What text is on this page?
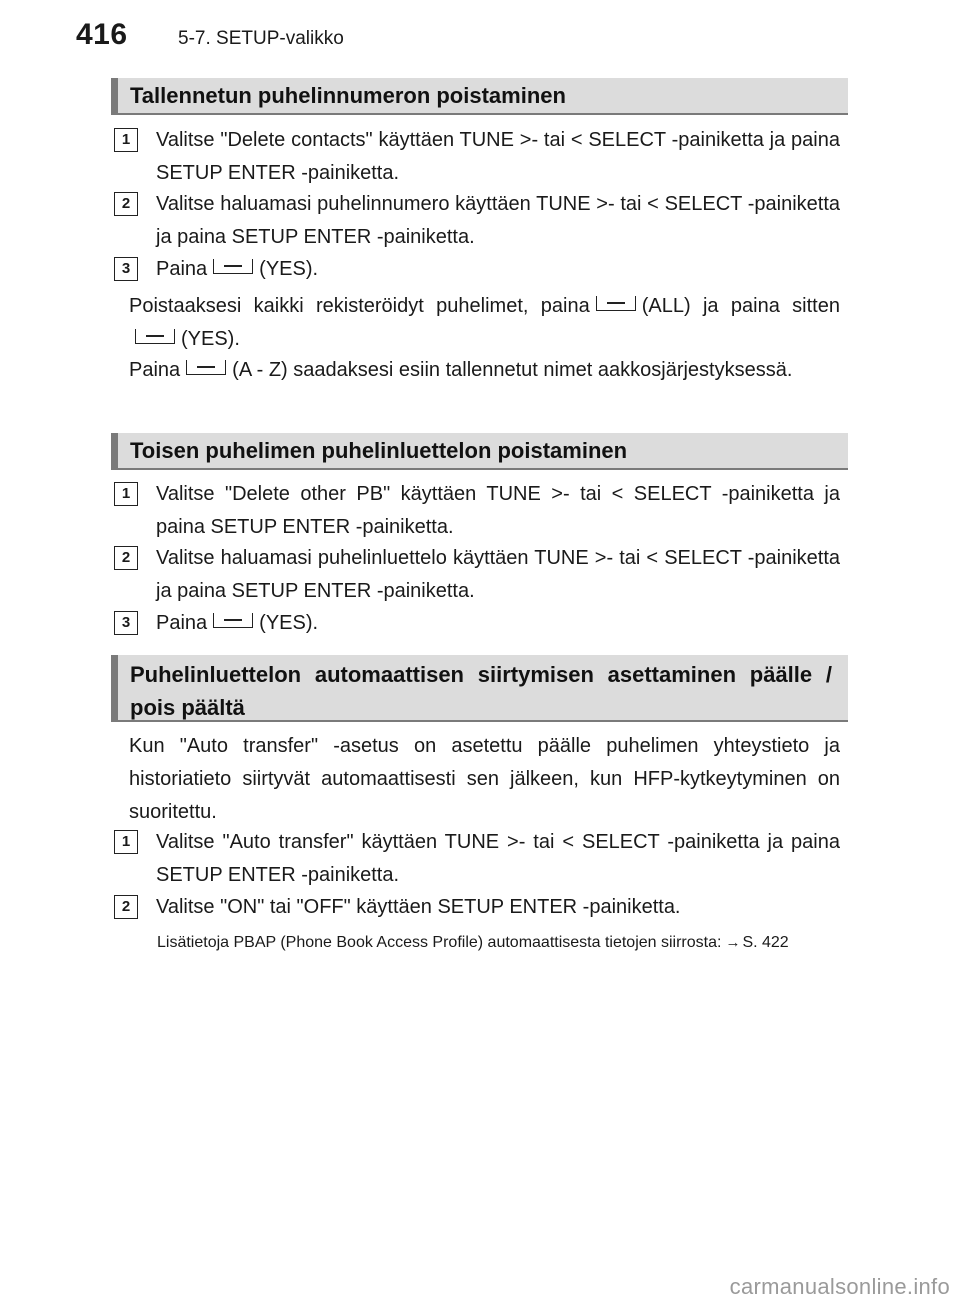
416	5-7. SETUP-valikko
Tallennetun puhelinnumeron poistaminen
1	Valitse "Delete contacts" käyttäen TUNE >- tai < SELECT -painiketta ja paina SETUP ENTER -painiketta.
2	Valitse haluamasi puhelinnumero käyttäen TUNE >- tai < SELECT -painiketta ja paina SETUP ENTER -painiketta.
3	Paina	(YES).
Poistaaksesi kaikki rekisteröidyt puhelimet, paina	(ALL) ja paina sitten(YES).
Paina	(A - Z) saadaksesi esiin tallennetut nimet aakkosjärjestyksessä.
Toisen puhelimen puhelinluettelon poistaminen
1	Valitse "Delete other PB" käyttäen TUNE >- tai < SELECT -painiketta ja paina SETUP ENTER -painiketta.
2	Valitse haluamasi puhelinluettelo käyttäen TUNE >- tai < SELECT -painiketta ja paina SETUP ENTER -painiketta.
3	Paina	(YES).
Puhelinluettelon automaattisen siirtymisen asettaminen päälle / pois päältä
Kun "Auto transfer" -asetus on asetettu päälle puhelimen yhteystieto ja historiatieto siirtyvät automaattisesti sen jälkeen, kun HFP-kytkeytyminen on suoritettu.
1	Valitse "Auto transfer" käyttäen TUNE >- tai < SELECT -painiketta ja paina SETUP ENTER -painiketta.
2	Valitse "ON" tai "OFF" käyttäen SETUP ENTER -painiketta.
Lisätietoja PBAP (Phone Book Access Profile) automaattisesta tietojen siirrosta: → S. 422
carmanualsonline.info
